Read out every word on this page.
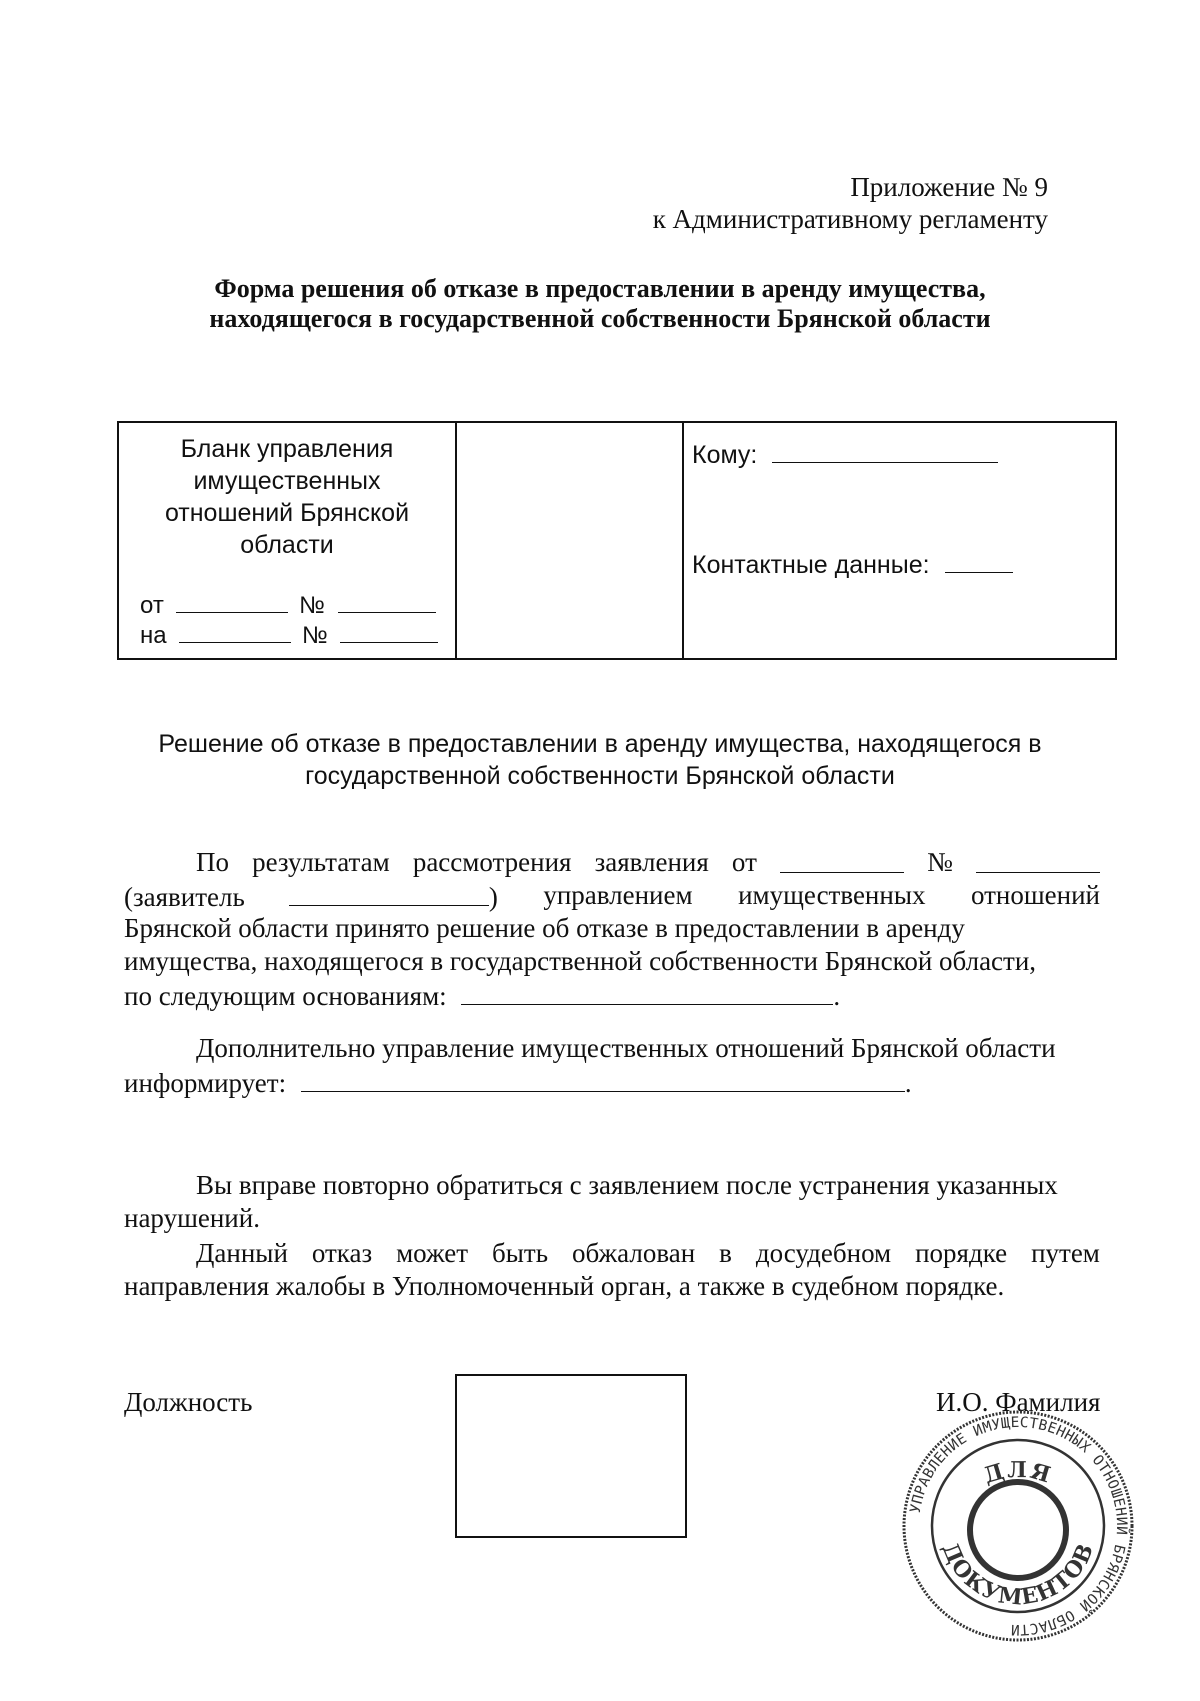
Приложение № 9
к Административному регламенту
Форма решения об отказе в предоставлении в аренду имущества,
находящегося в государственной собственности Брянской области
Бланк управления
имущественных
отношений Брянской
области
от	№
на	№
Кому:
Контактные данные:
Решение об отказе в предоставлении в аренду имущества, находящегося в
государственной собственности Брянской области
По результатам рассмотрения заявления от	№
(заявитель	) управлением имущественных отношений
Брянской области принято решение об отказе в предоставлении в аренду
имущества, находящегося в государственной собственности Брянской области,
по следующим основаниям:	.
Дополнительно управление имущественных отношений Брянской области
информирует:	.
Вы вправе повторно обратиться с заявлением после устранения указанных
нарушений.
Данный отказ может быть обжалован в досудебном порядке путем
направления жалобы в Уполномоченный орган, а также в судебном порядке.
Должность	И.О. Фамилия
УПРАВЛЕНИЕ ИМУЩЕСТВЕННЫХ ОТНОШЕНИЙ БРЯНСКОЙ ОБЛАСТИ
ДЛЯ
ДОКУМЕНТОВ
